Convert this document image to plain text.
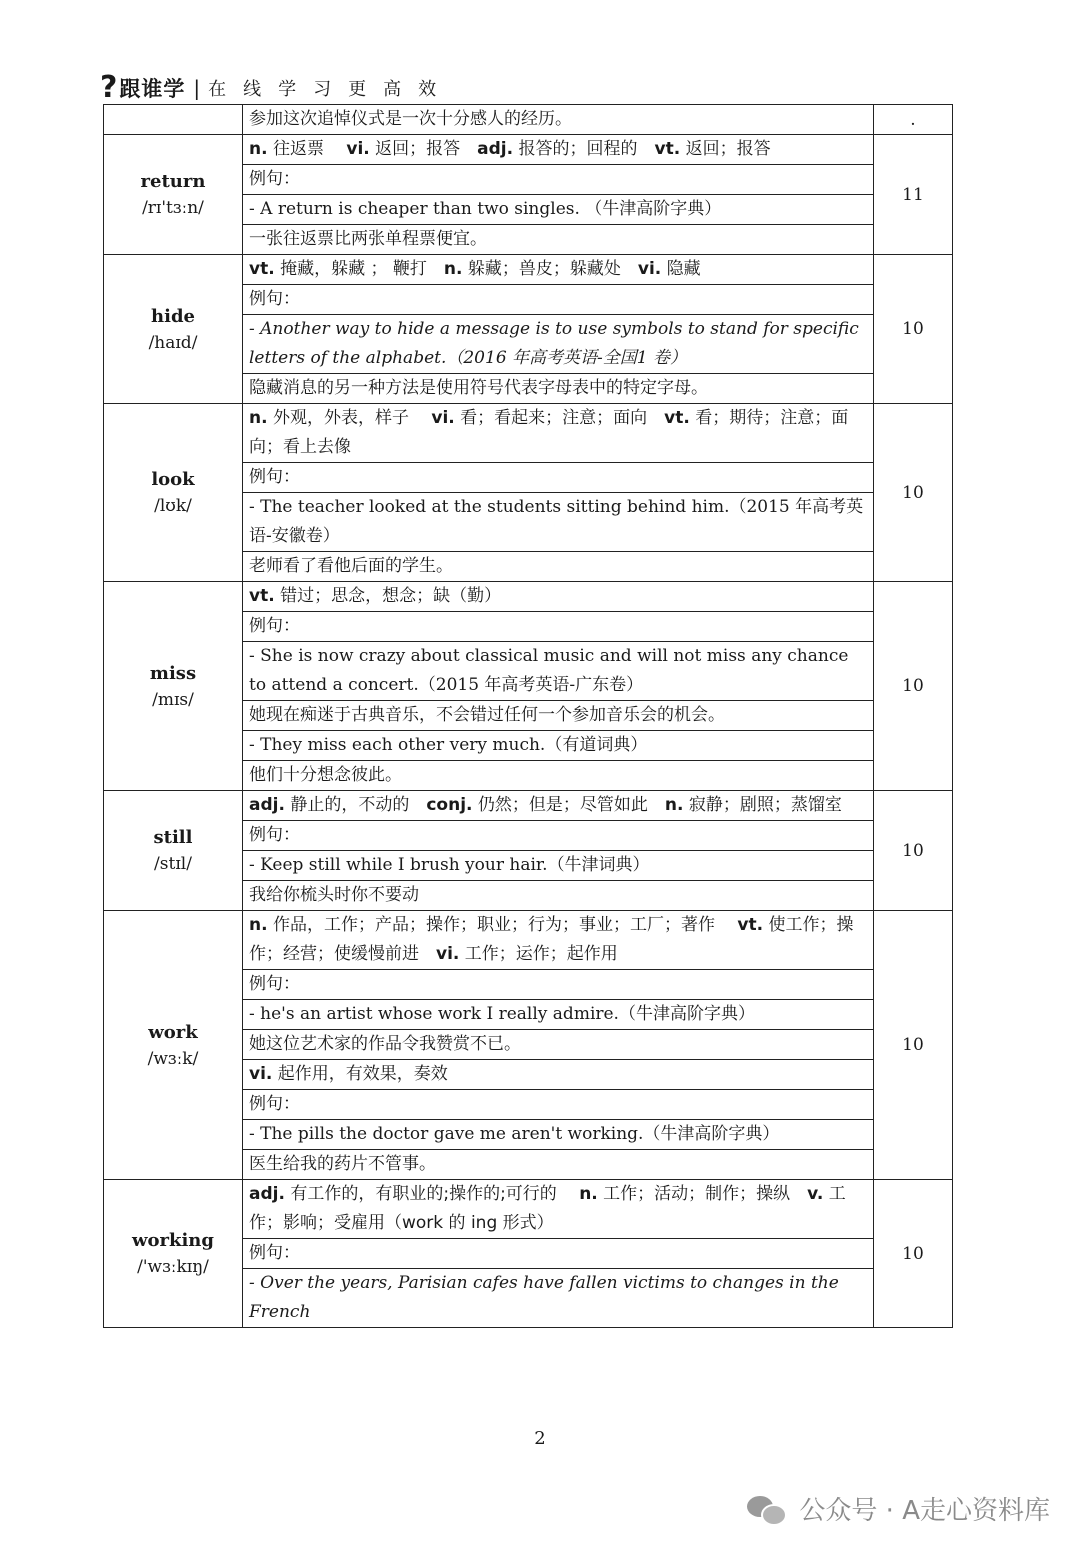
? 跟谁学 | 在线学习更高效
	参加这次追悼仪式是一次十分感人的经历。	.

return
/rɪ'tɜːn/	n. 往返票　 vi. 返回；报答　adj. 报答的；回程的　vt. 返回；报答	11
	例句：	
	- A return is cheaper than two singles. （牛津高阶字典）	
	一张往返票比两张单程票便宜。	

hide
/haɪd/	vt. 掩藏，躲藏 ； 鞭打　n. 躲藏；兽皮；躲藏处　vi. 隐藏	10
	例句：	
	- Another way to hide a message is to use symbols to stand for specific letters of the alphabet.（2016 年高考英语-全国1 卷）	
	隐藏消息的另一种方法是使用符号代表字母表中的特定字母。	

look
/lʊk/	n. 外观，外表，样子　 vi. 看；看起来；注意；面向　vt. 看；期待；注意；面向；看上去像	10
	例句：	
	- The teacher looked at the students sitting behind him.（2015 年高考英语-安徽卷）	
	老师看了看他后面的学生。	

miss
/mɪs/	vt. 错过；思念，想念；缺（勤）	10
	例句：	
	- She is now crazy about classical music and will not miss any chance to attend a concert.（2015 年高考英语-广东卷）	
	她现在痴迷于古典音乐，不会错过任何一个参加音乐会的机会。	
	- They miss each other very much.（有道词典）	
	他们十分想念彼此。	

still
/stɪl/	adj. 静止的，不动的　conj. 仍然；但是；尽管如此　n. 寂静；剧照；蒸馏室	10
	例句：	
	- Keep still while I brush your hair.（牛津词典）	
	我给你梳头时你不要动	

work
/wɜːk/	n. 作品，工作；产品；操作；职业；行为；事业；工厂；著作　 vt. 使工作；操作；经营；使缓慢前进　vi. 工作；运作；起作用	10
	例句：	
	- he's an artist whose work I really admire.（牛津高阶字典）	
	她这位艺术家的作品令我赞赏不已。	
	vi. 起作用，有效果，奏效	
	例句：	
	- The pills the doctor gave me aren't working.（牛津高阶字典）	
	医生给我的药片不管事。	

working
/'wɜːkɪŋ/	adj. 有工作的，有职业的;操作的;可行的　 n. 工作；活动；制作；操纵　v. 工作；影响；受雇用（work 的 ing 形式）	10
	例句：	
	- Over the years, Parisian cafes have fallen victims to changes in the French	
2
公众号 · A走心资料库
